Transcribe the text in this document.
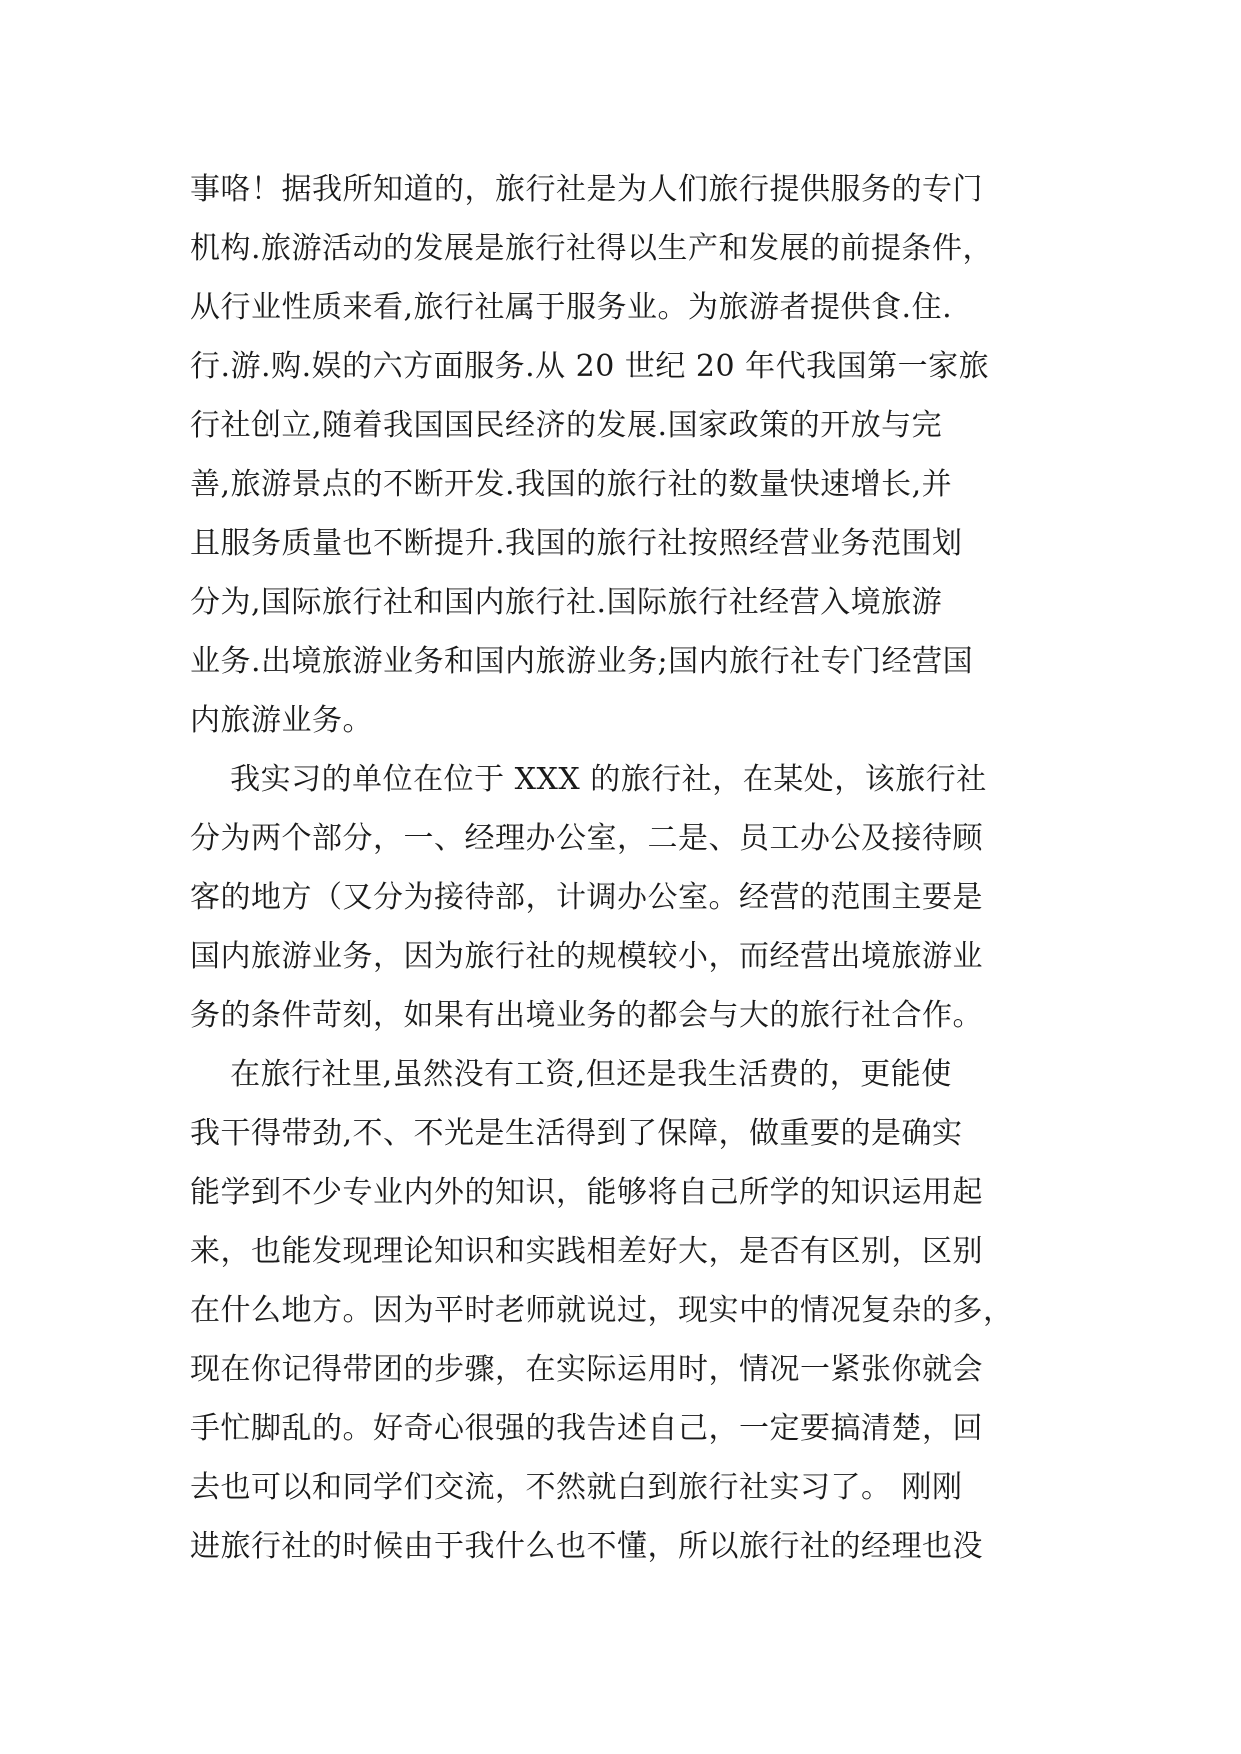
事咯！据我所知道的，旅行社是为人们旅行提供服务的专门
机构.旅游活动的发展是旅行社得以生产和发展的前提条件，
从行业性质来看,旅行社属于服务业。为旅游者提供食.住.
行.游.购.娱的六方面服务.从 20 世纪 20 年代我国第一家旅
行社创立,随着我国国民经济的发展.国家政策的开放与完
善,旅游景点的不断开发.我国的旅行社的数量快速增长,并
且服务质量也不断提升.我国的旅行社按照经营业务范围划
分为,国际旅行社和国内旅行社.国际旅行社经营入境旅游
业务.出境旅游业务和国内旅游业务;国内旅行社专门经营国
内旅游业务。
我实习的单位在位于 XXX 的旅行社，在某处，该旅行社
分为两个部分，一、经理办公室，二是、员工办公及接待顾
客的地方（又分为接待部，计调办公室。经营的范围主要是
国内旅游业务，因为旅行社的规模较小，而经营出境旅游业
务的条件苛刻，如果有出境业务的都会与大的旅行社合作。
在旅行社里,虽然没有工资,但还是我生活费的，更能使
我干得带劲,不、不光是生活得到了保障，做重要的是确实
能学到不少专业内外的知识，能够将自己所学的知识运用起
来，也能发现理论知识和实践相差好大，是否有区别，区别
在什么地方。因为平时老师就说过，现实中的情况复杂的多，
现在你记得带团的步骤，在实际运用时，情况一紧张你就会
手忙脚乱的。好奇心很强的我告述自己，一定要搞清楚，回
去也可以和同学们交流，不然就白到旅行社实习了。 刚刚
进旅行社的时候由于我什么也不懂，所以旅行社的经理也没
